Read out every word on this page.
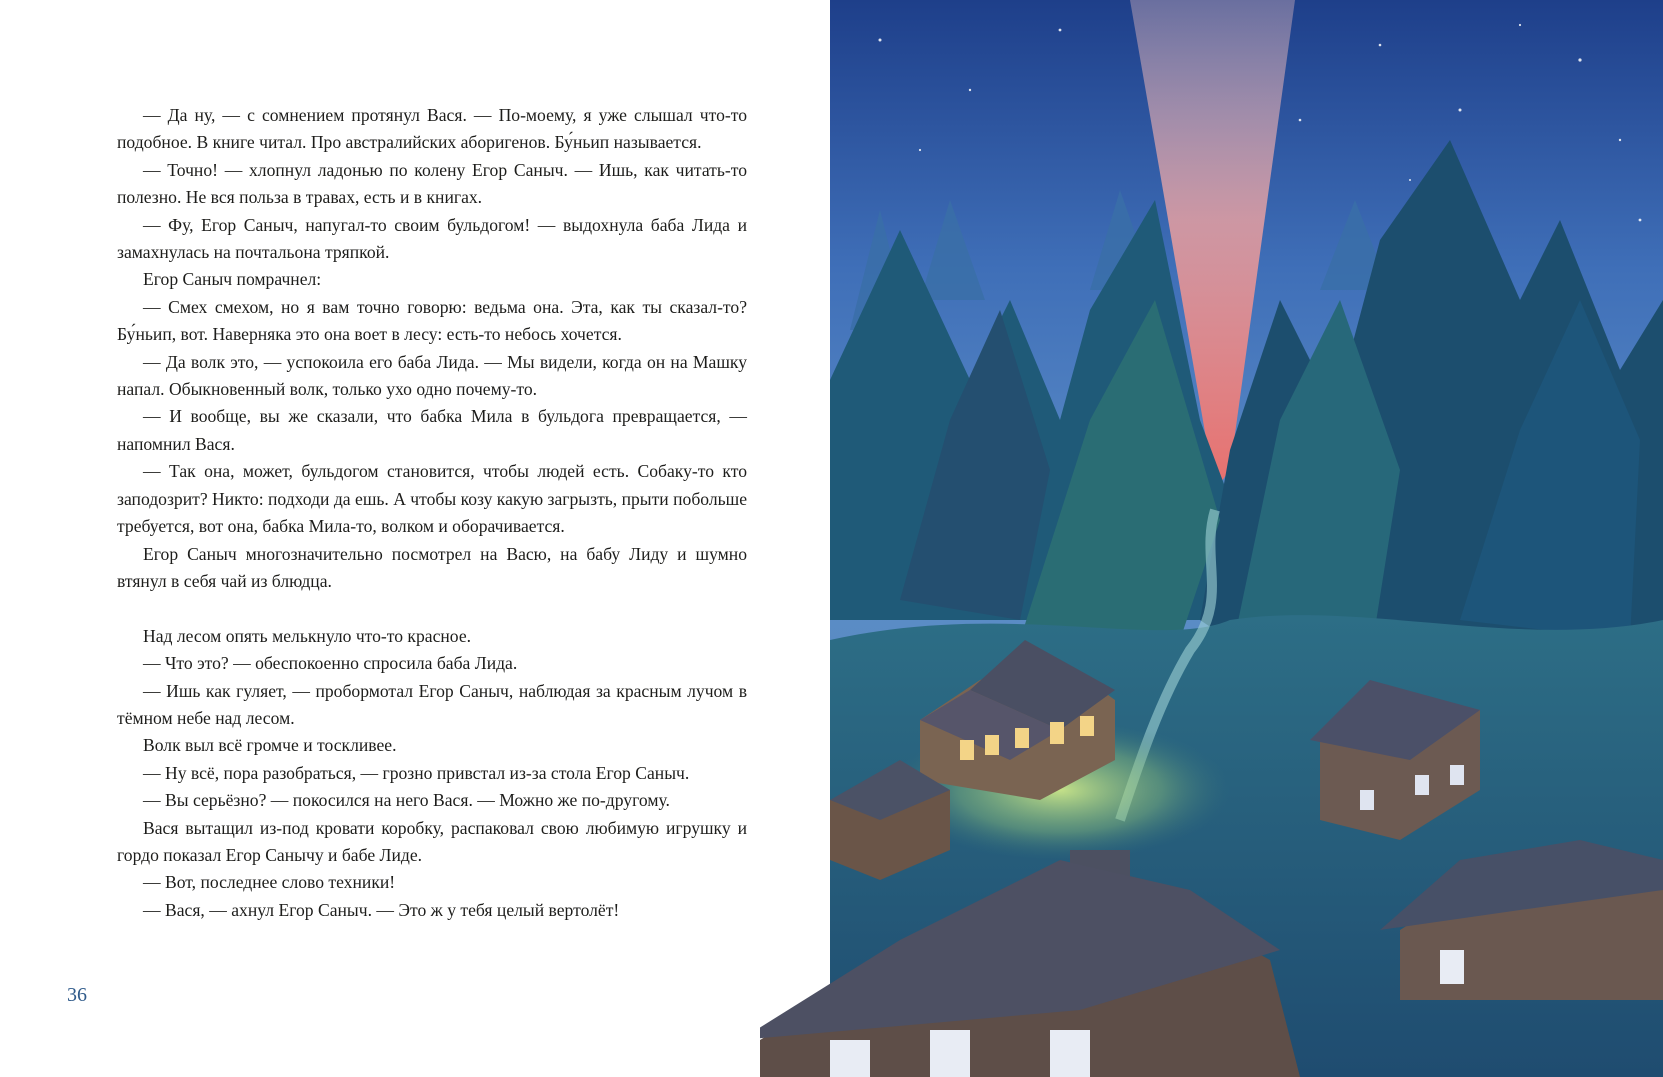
— Да ну, — с сомнением протянул Вася. — По-моему, я уже слышал что-то подобное. В книге читал. Про австралийских аборигенов. Бу́ньип называется.

— Точно! — хлопнул ладонью по колену Егор Саныч. — Ишь, как читать-то полезно. Не вся польза в травах, есть и в книгах.

— Фу, Егор Саныч, напугал-то своим бульдогом! — выдохнула баба Лида и замахнулась на почтальона тряпкой.

Егор Саныч помрачнел:

— Смех смехом, но я вам точно говорю: ведьма она. Эта, как ты сказал-то? Бу́ньип, вот. Наверняка это она воет в лесу: есть-то небось хочется.

— Да волк это, — успокоила его баба Лида. — Мы видели, когда он на Машку напал. Обыкновенный волк, только ухо одно почему-то.

— И вообще, вы же сказали, что бабка Мила в бульдога превращается, — напомнил Вася.

— Так она, может, бульдогом становится, чтобы людей есть. Собаку-то кто заподозрит? Никто: подходи да ешь. А чтобы козу какую загрызть, прыти побольше требуется, вот она, бабка Мила-то, волком и оборачивается.

Егор Саныч многозначительно посмотрел на Васю, на бабу Лиду и шумно втянул в себя чай из блюдца.

Над лесом опять мелькнуло что-то красное.

— Что это? — обеспокоенно спросила баба Лида.

— Ишь как гуляет, — пробормотал Егор Саныч, наблюдая за красным лучом в тёмном небе над лесом.

Волк выл всё громче и тоскливее.

— Ну всё, пора разобраться, — грозно привстал из-за стола Егор Саныч.

— Вы серьёзно? — покосился на него Вася. — Можно же по-другому.

Вася вытащил из-под кровати коробку, распаковал свою любимую игрушку и гордо показал Егор Санычу и бабе Лиде.

— Вот, последнее слово техники!

— Вася, — ахнул Егор Саныч. — Это ж у тебя целый вертолёт!

36
